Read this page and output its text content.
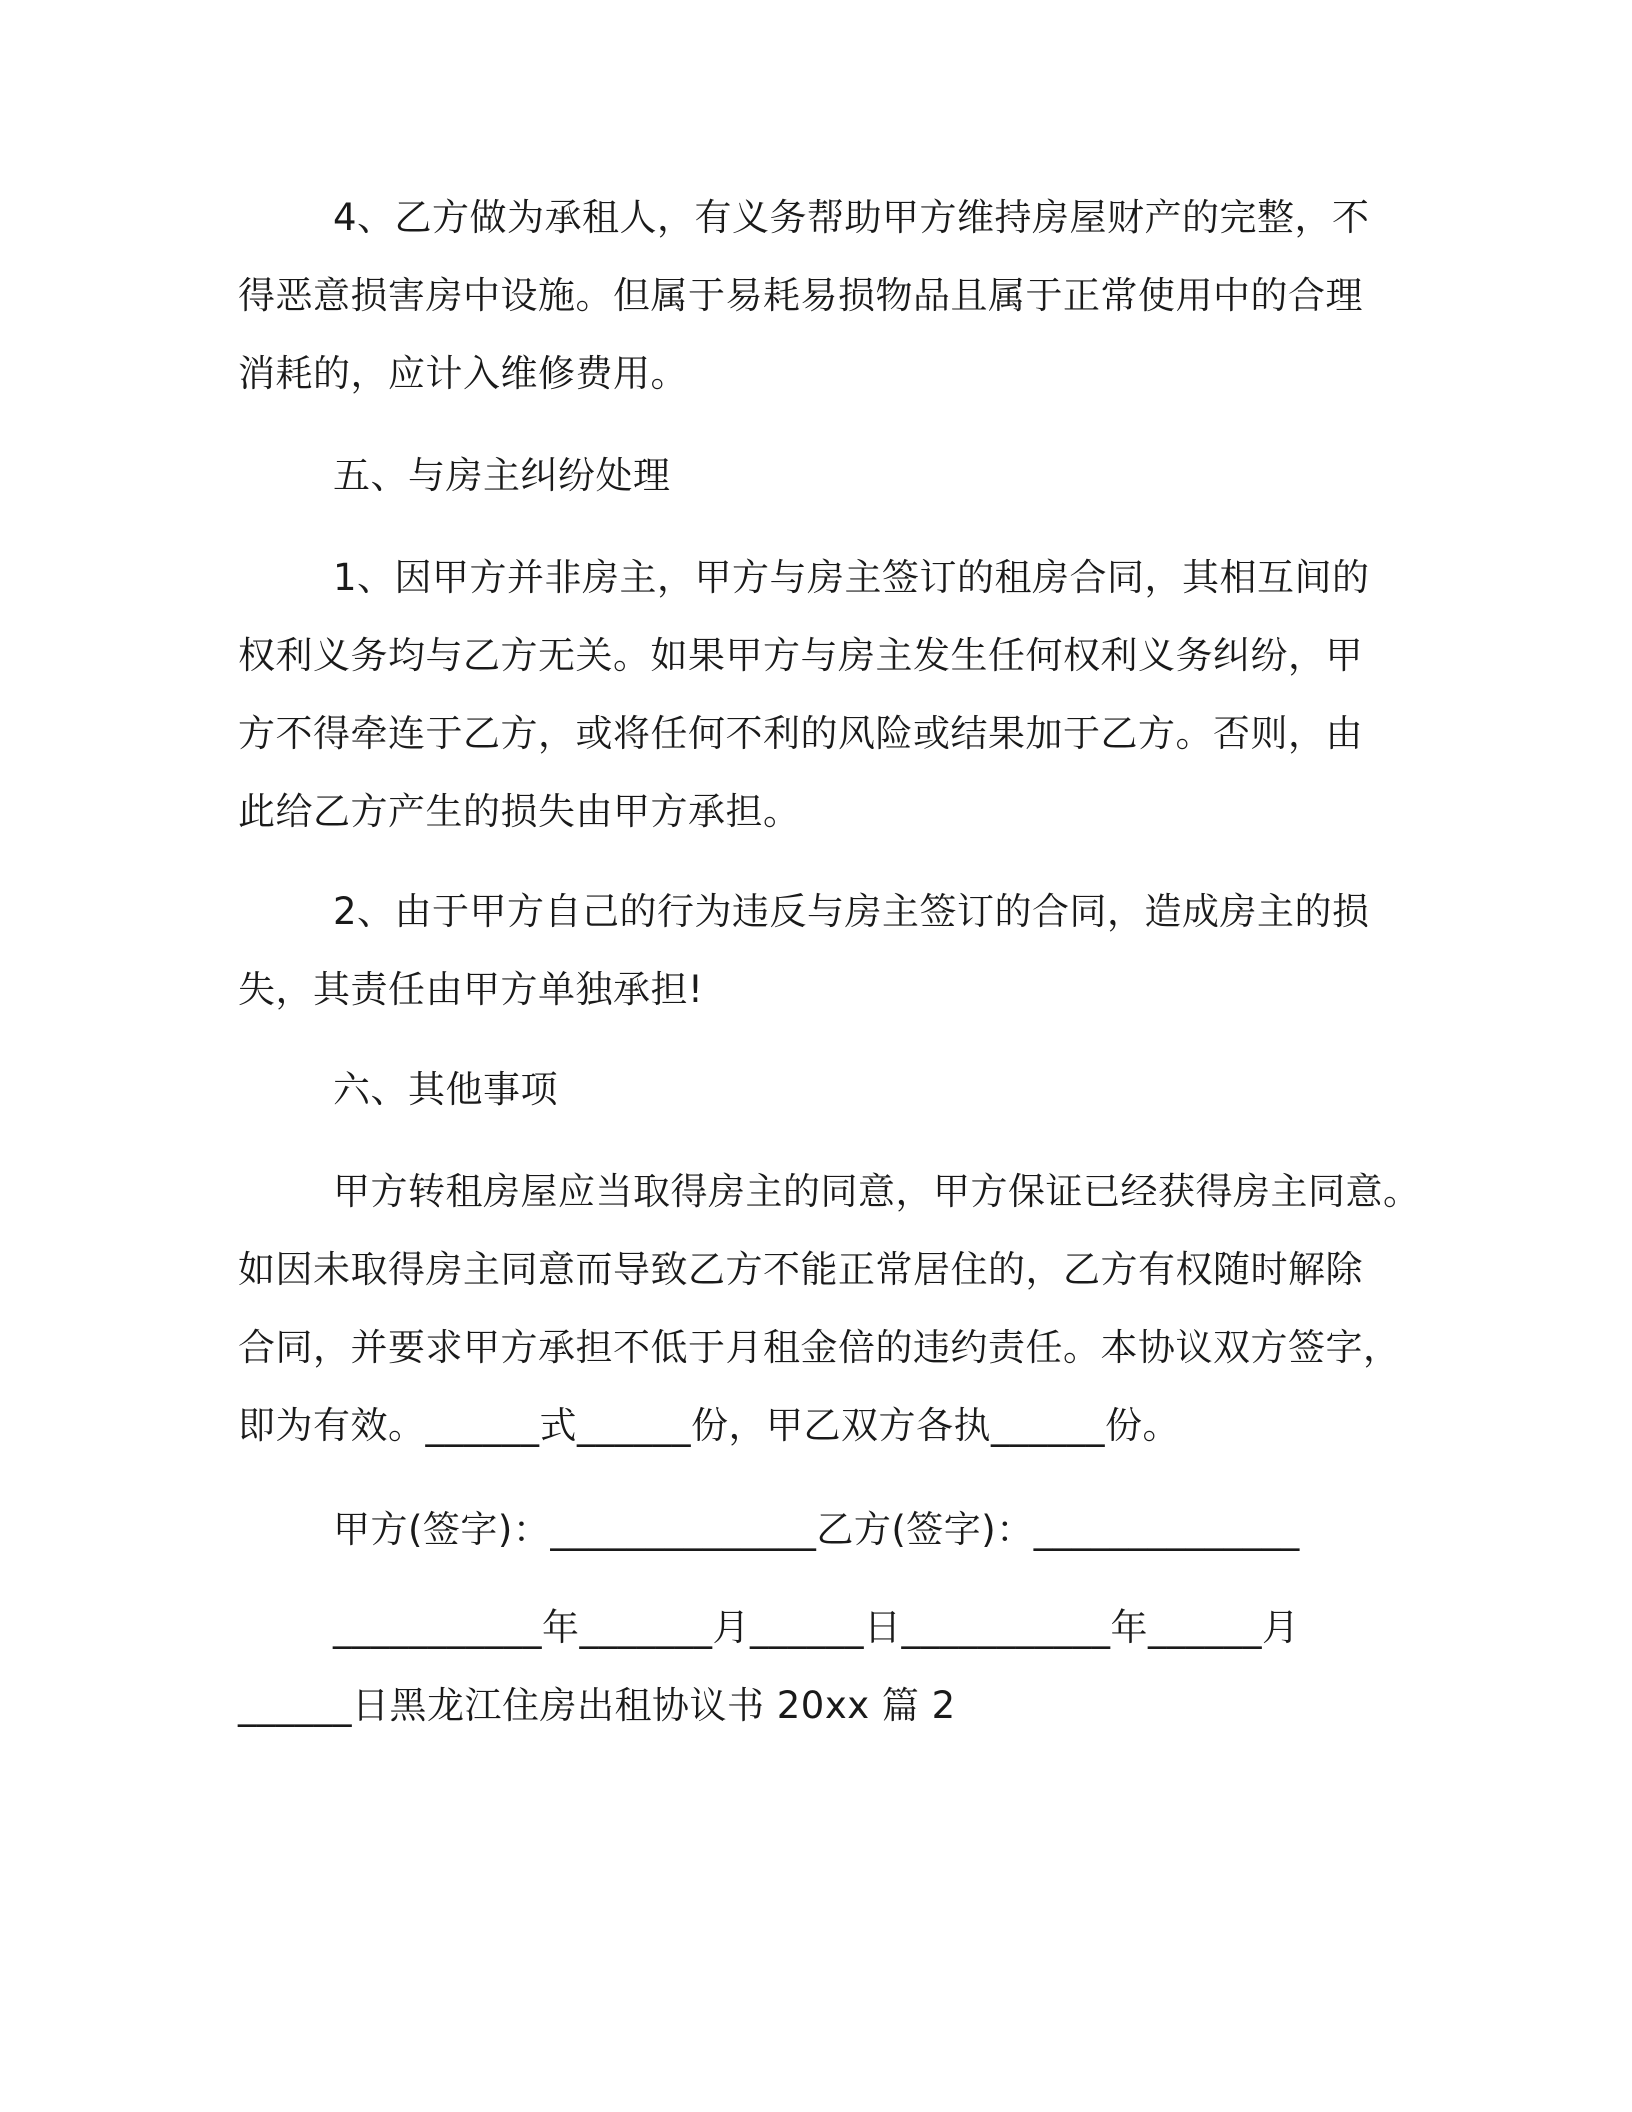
4、乙方做为承租人，有义务帮助甲方维持房屋财产的完整，不
得恶意损害房中设施。但属于易耗易损物品且属于正常使用中的合理
消耗的，应计入维修费用。
五、与房主纠纷处理
1、因甲方并非房主，甲方与房主签订的租房合同，其相互间的
权利义务均与乙方无关。如果甲方与房主发生任何权利义务纠纷，甲
方不得牵连于乙方，或将任何不利的风险或结果加于乙方。否则，由
此给乙方产生的损失由甲方承担。
2、由于甲方自己的行为违反与房主签订的合同，造成房主的损
失，其责任由甲方单独承担!
六、其他事项
甲方转租房屋应当取得房主的同意，甲方保证已经获得房主同意。
如因未取得房主同意而导致乙方不能正常居住的，乙方有权随时解除
合同，并要求甲方承担不低于月租金倍的违约责任。本协议双方签字，
即为有效。______式______份，甲乙双方各执______份。
甲方(签字)：______________乙方(签字)：______________
___________年_______月______日___________年______月
______日黑龙江住房出租协议书 20xx 篇 2
